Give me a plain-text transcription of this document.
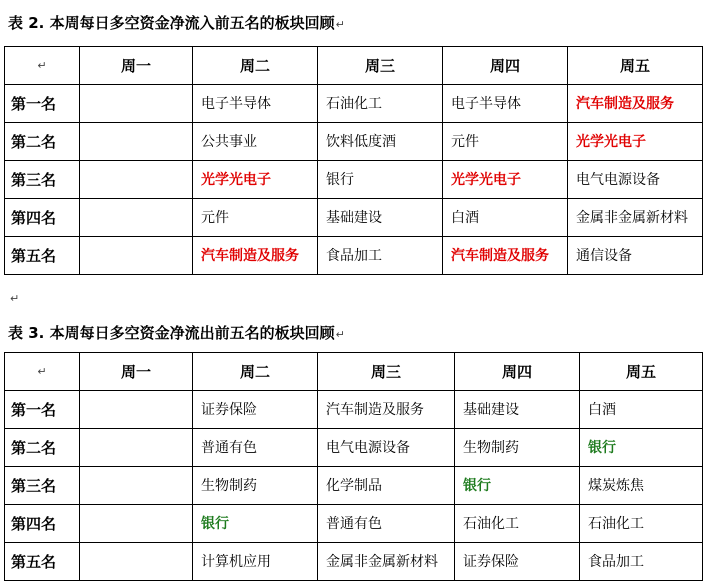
表 2. 本周每日多空资金净流入前五名的板块回顾↵
↵	周一	周二	周三	周四	周五
第一名		电子半导体	石油化工	电子半导体	汽车制造及服务
第二名		公共事业	饮料低度酒	元件	光学光电子
第三名		光学光电子	银行	光学光电子	电气电源设备
第四名		元件	基础建设	白酒	金属非金属新材料
第五名		汽车制造及服务	食品加工	汽车制造及服务	通信设备
↵
表 3. 本周每日多空资金净流出前五名的板块回顾↵
↵	周一	周二	周三	周四	周五
第一名		证券保险	汽车制造及服务	基础建设	白酒
第二名		普通有色	电气电源设备	生物制药	银行
第三名		生物制药	化学制品	银行	煤炭炼焦
第四名		银行	普通有色	石油化工	石油化工
第五名		计算机应用	金属非金属新材料	证券保险	食品加工
